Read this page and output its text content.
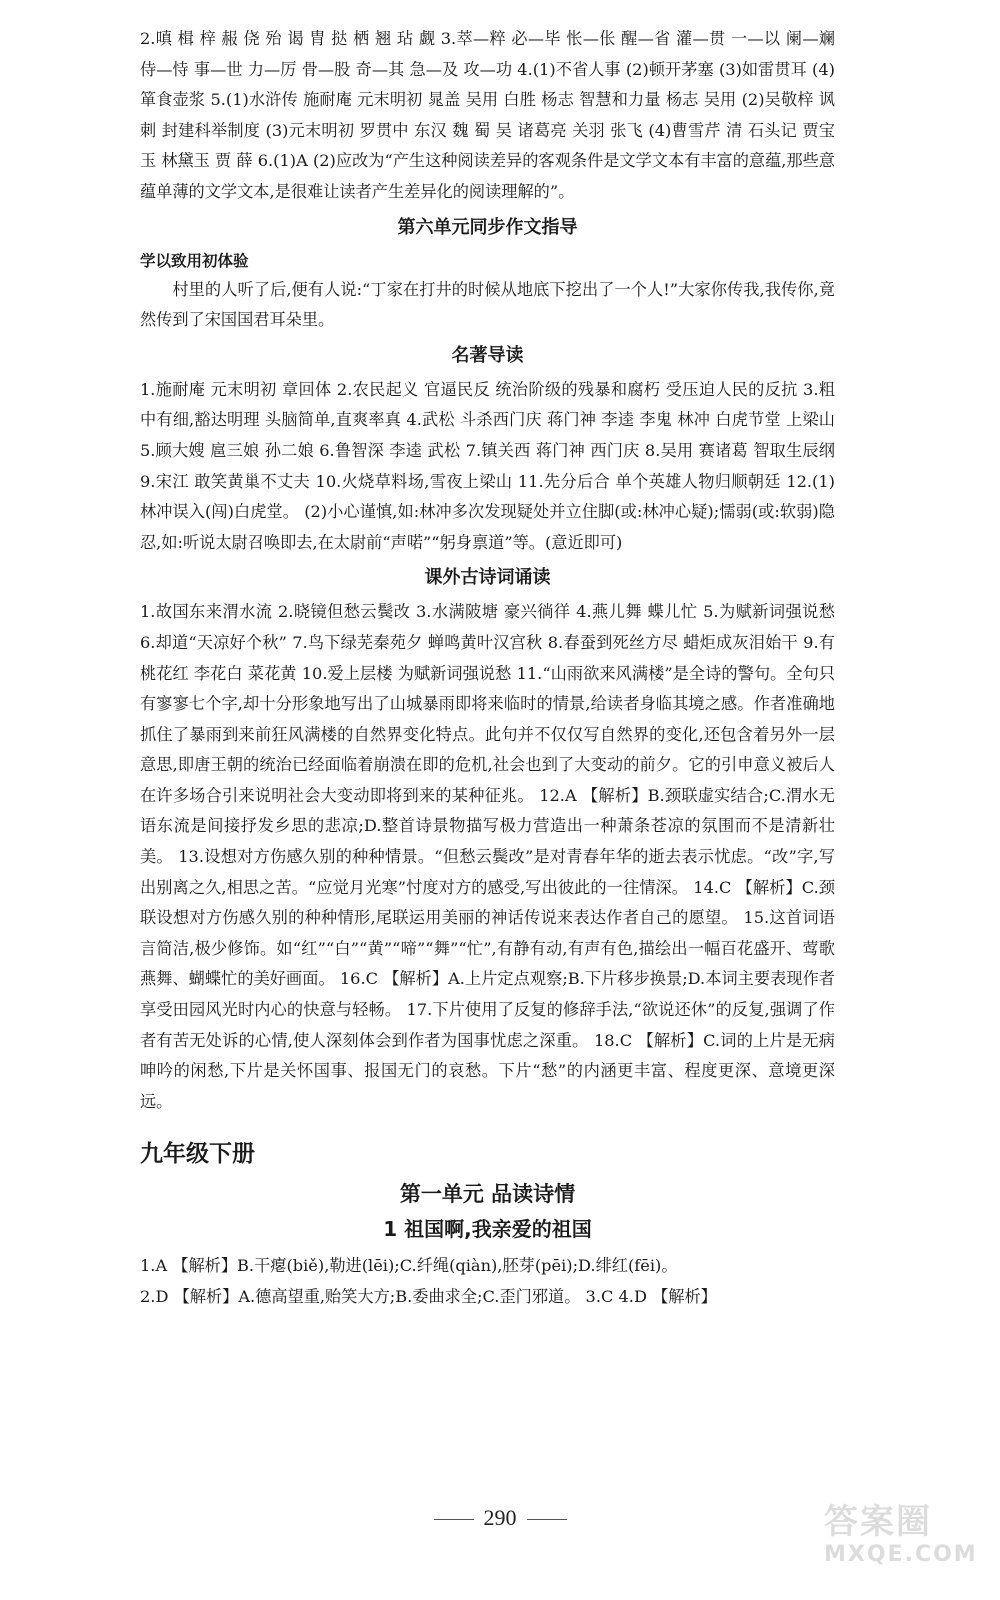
2.嗔 楫 梓 赧 侥 殆 谒 胄 挞 栖 翘 玷 觑 3.萃—粹 必—毕 怅—伥 醒—省 灌—贯 一—以 阑—斓 侍—恃 事—世 力—厉 骨—股 奇—其 急—及 攻—功 4.(1)不省人事 (2)顿开茅塞 (3)如雷贯耳 (4)箪食壶浆 5.(1)水浒传 施耐庵 元末明初 晁盖 吴用 白胜 杨志 智慧和力量 杨志 吴用 (2)吴敬梓 讽刺 封建科举制度 (3)元末明初 罗贯中 东汉 魏 蜀 吴 诸葛亮 关羽 张飞 (4)曹雪芹 清 石头记 贾宝玉 林黛玉 贾 薛 6.(1)A (2)应改为“产生这种阅读差异的客观条件是文学文本有丰富的意蕴,那些意蕴单薄的文学文本,是很难让读者产生差异化的阅读理解的”。

第六单元同步作文指导
学以致用初体验

村里的人听了后,便有人说:“丁家在打井的时候从地底下挖出了一个人!”大家你传我,我传你,竟然传到了宋国国君耳朵里。

名著导读

1.施耐庵 元末明初 章回体 2.农民起义 官逼民反 统治阶级的残暴和腐朽 受压迫人民的反抗 3.粗中有细,豁达明理 头脑简单,直爽率真 4.武松 斗杀西门庆 蒋门神 李逵 李鬼 林冲 白虎节堂 上梁山 5.顾大嫂 扈三娘 孙二娘 6.鲁智深 李逵 武松 7.镇关西 蒋门神 西门庆 8.吴用 赛诸葛 智取生辰纲 9.宋江 敢笑黄巢不丈夫 10.火烧草料场,雪夜上梁山 11.先分后合 单个英雄人物归顺朝廷 12.(1)林冲误入(闯)白虎堂。 (2)小心谨慎,如:林冲多次发现疑处并立住脚(或:林冲心疑);懦弱(或:软弱)隐忍,如:听说太尉召唤即去,在太尉前“声喏”“躬身禀道”等。(意近即可)

课外古诗词诵读

1.故国东来渭水流 2.晓镜但愁云鬓改 3.水满陂塘 豪兴徜徉 4.燕儿舞 蝶儿忙 5.为赋新词强说愁 6.却道“天凉好个秋” 7.鸟下绿芜秦苑夕 蝉鸣黄叶汉宫秋 8.春蚕到死丝方尽 蜡炬成灰泪始干 9.有桃花红 李花白 菜花黄 10.爱上层楼 为赋新词强说愁 11.“山雨欲来风满楼”是全诗的警句。全句只有寥寥七个字,却十分形象地写出了山城暴雨即将来临时的情景,给读者身临其境之感。作者准确地抓住了暴雨到来前狂风满楼的自然界变化特点。此句并不仅仅写自然界的变化,还包含着另外一层意思,即唐王朝的统治已经面临着崩溃在即的危机,社会也到了大变动的前夕。它的引申意义被后人在许多场合引来说明社会大变动即将到来的某种征兆。 12.A 【解析】B.颈联虚实结合;C.渭水无语东流是间接抒发乡思的悲凉;D.整首诗景物描写极力营造出一种萧条苍凉的氛围而不是清新壮美。 13.设想对方伤感久别的种种情景。“但愁云鬓改”是对青春年华的逝去表示忧虑。“改”字,写出别离之久,相思之苦。“应觉月光寒”忖度对方的感受,写出彼此的一往情深。 14.C 【解析】C.颈联设想对方伤感久别的种种情形,尾联运用美丽的神话传说来表达作者自己的愿望。 15.这首词语言简洁,极少修饰。如“红”“白”“黄”“啼”“舞”“忙”,有静有动,有声有色,描绘出一幅百花盛开、莺歌燕舞、蝴蝶忙的美好画面。 16.C 【解析】A.上片定点观察;B.下片移步换景;D.本词主要表现作者享受田园风光时内心的快意与轻畅。 17.下片使用了反复的修辞手法,“欲说还休”的反复,强调了作者有苦无处诉的心情,使人深刻体会到作者为国事忧虑之深重。 18.C 【解析】C.词的上片是无病呻吟的闲愁,下片是关怀国事、报国无门的哀愁。下片“愁”的内涵更丰富、程度更深、意境更深远。

九年级下册
第一单元 品读诗情
1 祖国啊,我亲爱的祖国

1.A 【解析】B.干瘪(biě),勒进(lēi);C.纤绳(qiàn),胚芽(pēi);D.绯红(fēi)。

2.D 【解析】A.德高望重,贻笑大方;B.委曲求全;C.歪门邪道。 3.C 4.D 【解析】

290	答案圈
MXQE.COM
